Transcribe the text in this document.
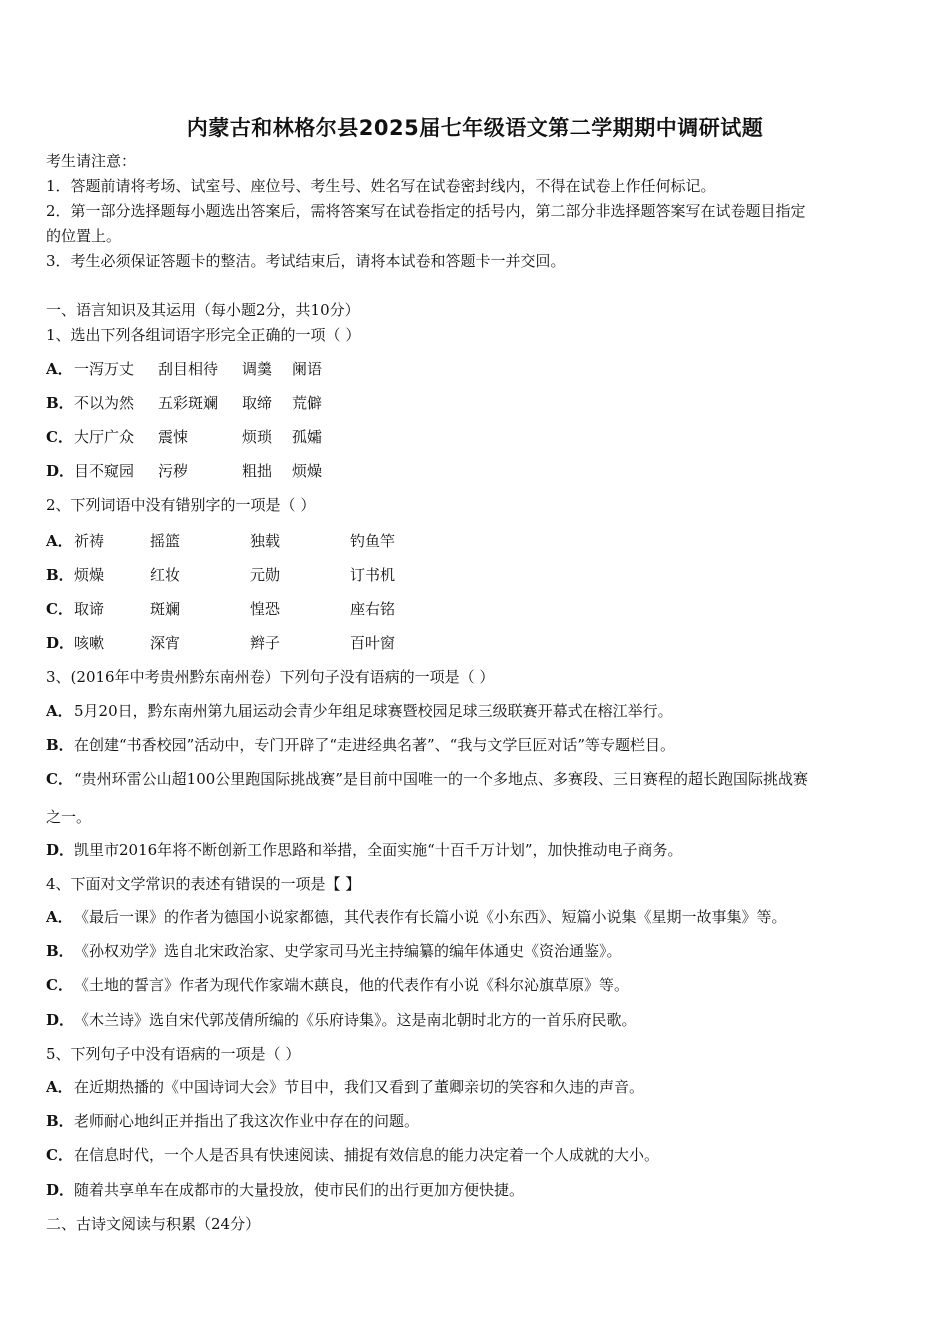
内蒙古和林格尔县2025届七年级语文第二学期期中调研试题
考生请注意：
1．答题前请将考场、试室号、座位号、考生号、姓名写在试卷密封线内，不得在试卷上作任何标记。
2．第一部分选择题每小题选出答案后，需将答案写在试卷指定的括号内，第二部分非选择题答案写在试卷题目指定
的位置上。
3．考生必须保证答题卡的整洁。考试结束后，请将本试卷和答题卡一并交回。
一、语言知识及其运用（每小题2分，共10分）
1、选出下列各组词语字形完全正确的一项（ ）
A．一泻万丈 刮目相待 调羹 阑语
B．不以为然 五彩斑斓 取缔 荒僻
C．大厅广众 震悚	烦琐 孤孀
D．目不窥园 污秽	粗拙 烦燥
2、下列词语中没有错别字的一项是（ ）
A．祈祷	摇篮	独载	钓鱼竿
B．烦燥	红妆	元勋	订书机
C．取谛	斑斓	惶恐	座右铭
D．咳嗽	深宵	辫子	百叶窗
3、(2016年中考贵州黔东南州卷）下列句子没有语病的一项是（ ）
A．5月20日，黔东南州第九届运动会青少年组足球赛暨校园足球三级联赛开幕式在榕江举行。
B．在创建“书香校园”活动中，专门开辟了“走进经典名著”、“我与文学巨匠对话”等专题栏目。
C．“贵州环雷公山超100公里跑国际挑战赛”是目前中国唯一的一个多地点、多赛段、三日赛程的超长跑国际挑战赛
之一。
D．凯里市2016年将不断创新工作思路和举措，全面实施“十百千万计划”，加快推动电子商务。
4、下面对文学常识的表述有错误的一项是【 】
A．《最后一课》的作者为德国小说家都德，其代表作有长篇小说《小东西》、短篇小说集《星期一故事集》等。
B．《孙权劝学》选自北宋政治家、史学家司马光主持编纂的编年体通史《资治通鉴》。
C．《土地的誓言》作者为现代作家端木蕻良，他的代表作有小说《科尔沁旗草原》等。
D．《木兰诗》选自宋代郭茂倩所编的《乐府诗集》。这是南北朝时北方的一首乐府民歌。
5、下列句子中没有语病的一项是（ ）
A．在近期热播的《中国诗词大会》节目中，我们又看到了董卿亲切的笑容和久违的声音。
B．老师耐心地纠正并指出了我这次作业中存在的问题。
C．在信息时代，一个人是否具有快速阅读、捕捉有效信息的能力决定着一个人成就的大小。
D．随着共享单车在成都市的大量投放，使市民们的出行更加方便快捷。
二、古诗文阅读与积累（24分）
